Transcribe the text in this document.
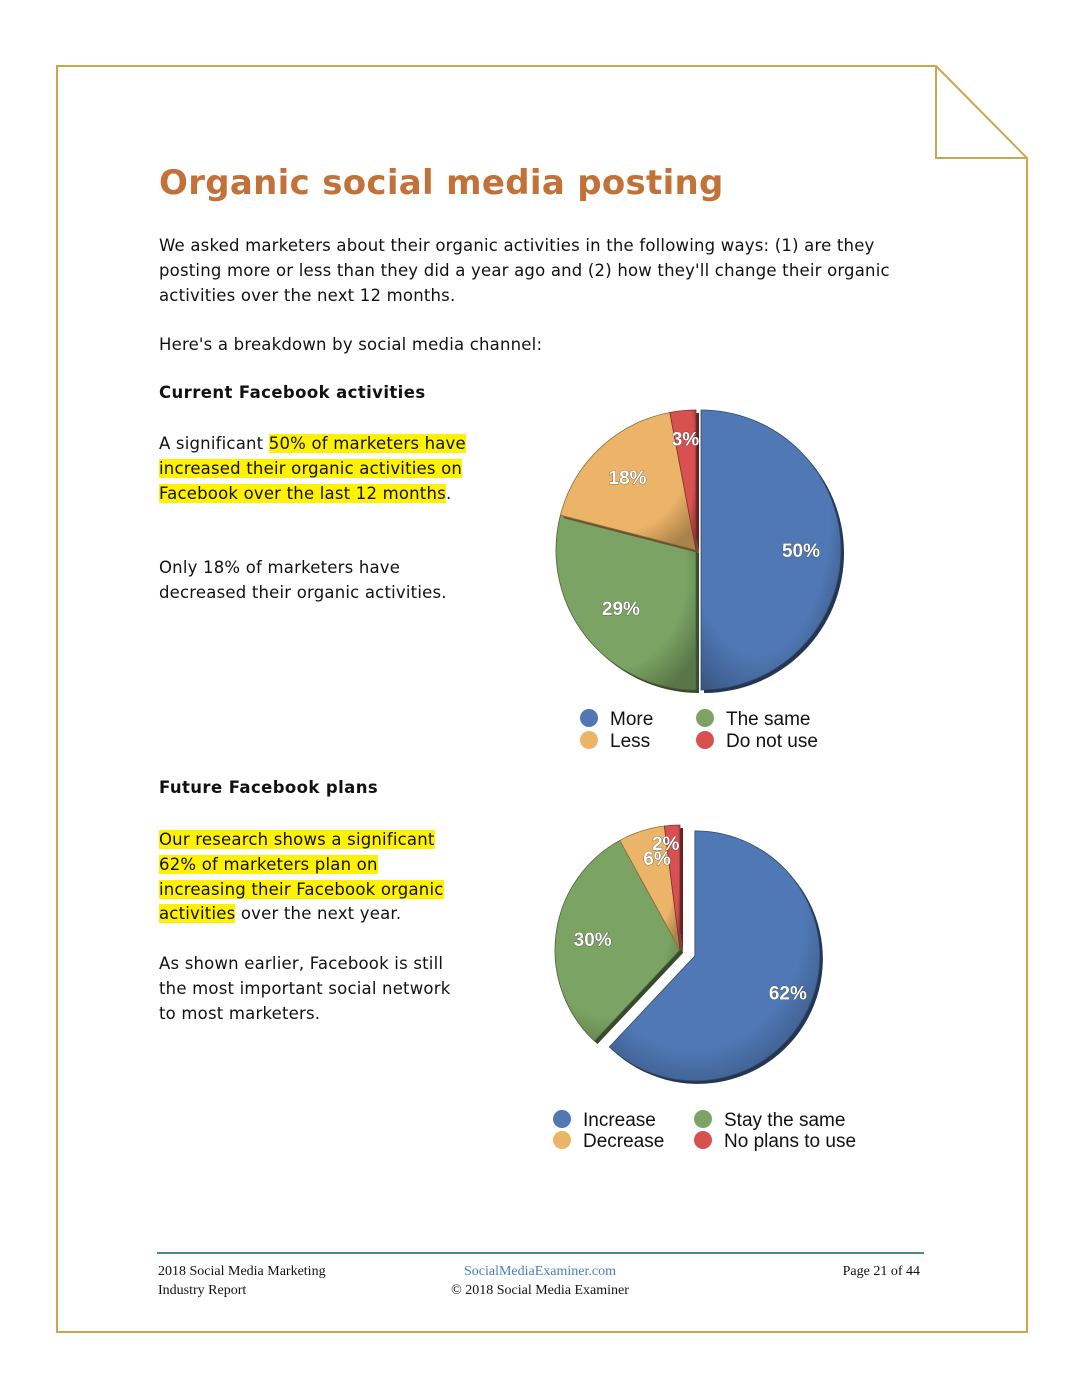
Organic social media posting
We asked marketers about their organic activities in the following ways: (1) are they posting more or less than they did a year ago and (2) how they'll change their organic activities over the next 12 months.
Here's a breakdown by social media channel:
Current Facebook activities
A significant 50% of marketers have increased their organic activities on Facebook over the last 12 months.
Only 18% of marketers have decreased their organic activities.
50%
29%
18%
3%
More	The same
Less	Do not use
Future Facebook plans
Our research shows a significant 62% of marketers plan on increasing their Facebook organic activities over the next year.
As shown earlier, Facebook is still the most important social network to most marketers.
62%
30%
6%
2%
Increase	Stay the same
Decrease	No plans to use
2018 Social Media Marketing
Industry Report
SocialMediaExaminer.com
© 2018 Social Media Examiner
Page 21 of 44
